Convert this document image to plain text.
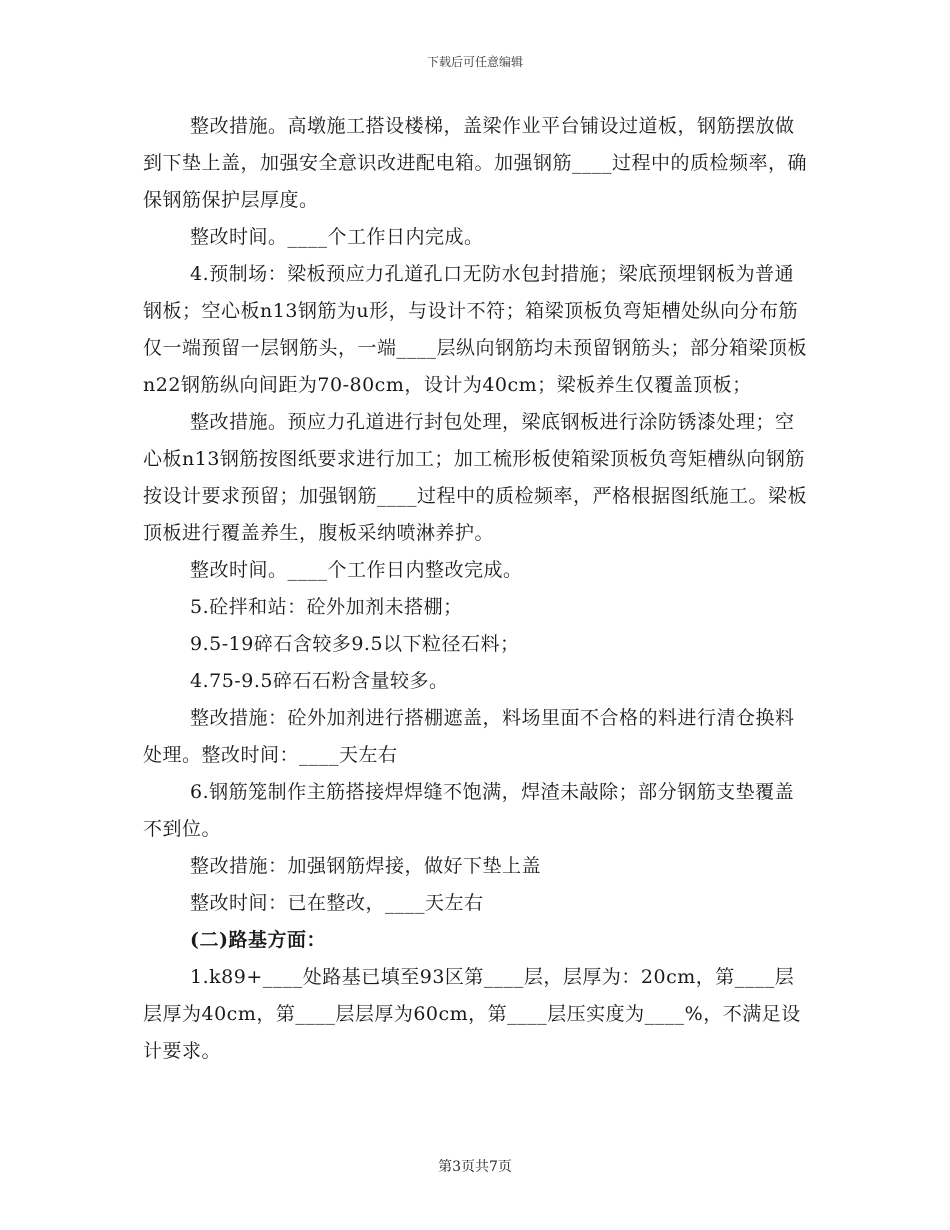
下载后可任意编辑

整改措施。高墩施工搭设楼梯，盖梁作业平台铺设过道板，钢筋摆放做到下垫上盖，加强安全意识改进配电箱。加强钢筋____过程中的质检频率，确保钢筋保护层厚度。

整改时间。____个工作日内完成。

4.预制场：梁板预应力孔道孔口无防水包封措施；梁底预埋钢板为普通钢板；空心板n13钢筋为u形，与设计不符；箱梁顶板负弯矩槽处纵向分布筋仅一端预留一层钢筋头，一端____层纵向钢筋均未预留钢筋头；部分箱梁顶板n22钢筋纵向间距为70-80cm，设计为40cm；梁板养生仅覆盖顶板；

整改措施。预应力孔道进行封包处理，梁底钢板进行涂防锈漆处理；空心板n13钢筋按图纸要求进行加工；加工梳形板使箱梁顶板负弯矩槽纵向钢筋按设计要求预留；加强钢筋____过程中的质检频率，严格根据图纸施工。梁板顶板进行覆盖养生，腹板采纳喷淋养护。

整改时间。____个工作日内整改完成。

5.砼拌和站：砼外加剂未搭棚；

9.5-19碎石含较多9.5以下粒径石料；

4.75-9.5碎石石粉含量较多。

整改措施：砼外加剂进行搭棚遮盖，料场里面不合格的料进行清仓换料处理。整改时间：____天左右

6.钢筋笼制作主筋搭接焊焊缝不饱满，焊渣未敲除；部分钢筋支垫覆盖不到位。

整改措施：加强钢筋焊接，做好下垫上盖

整改时间：已在整改，____天左右

(二)路基方面：

1.k89+____处路基已填至93区第____层，层厚为：20cm，第____层层厚为40cm，第____层层厚为60cm，第____层压实度为____%，不满足设计要求。

第3页共7页
